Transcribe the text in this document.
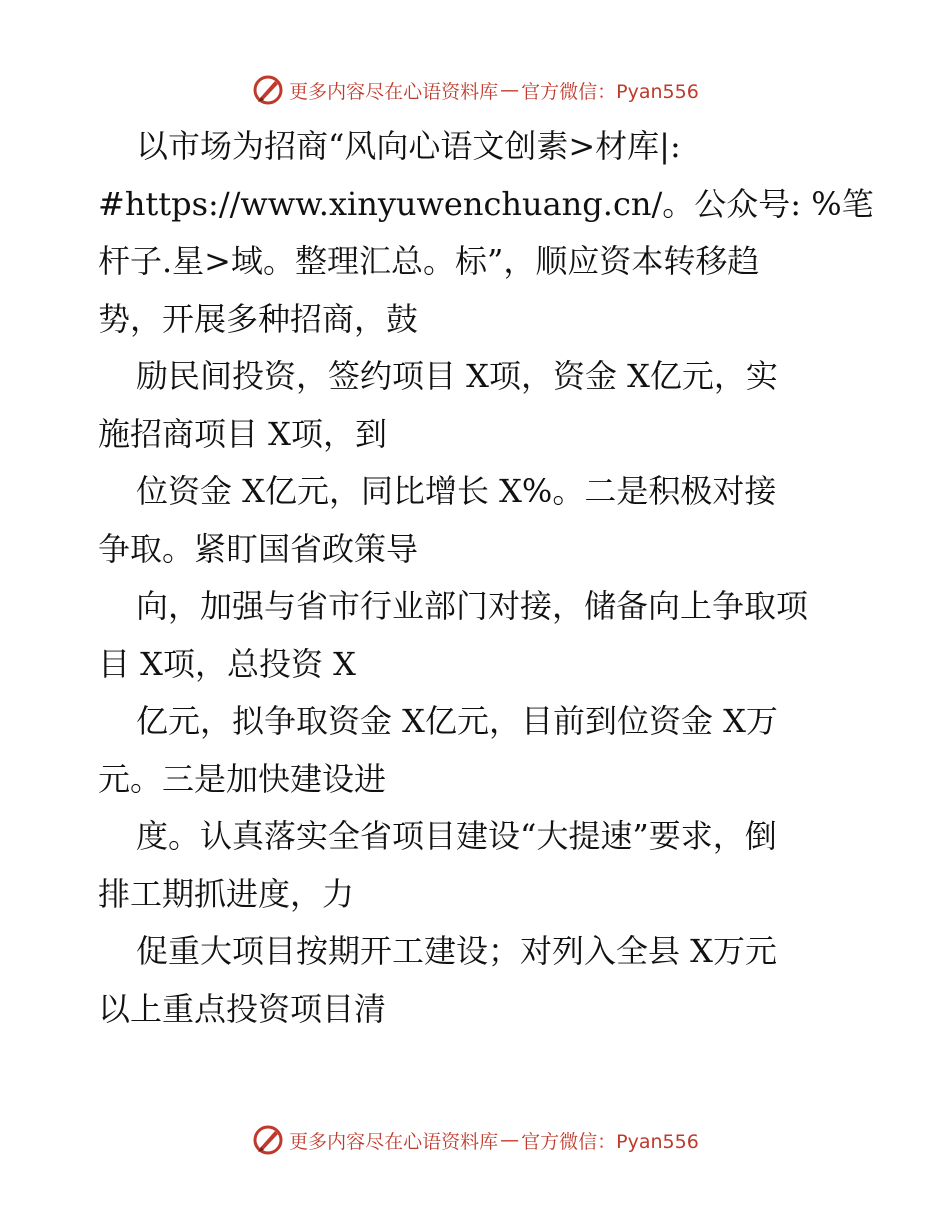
更多内容尽在心语资料库 — 官方微信：Pyan556
以市场为招商“风向心语文创素>材库|:
#https://www.xinyuwenchuang.cn/。公众号: %笔
杆子.星>域。整理汇总。标”，顺应资本转移趋
势，开展多种招商，鼓
励民间投资，签约项目 X项，资金 X亿元，实
施招商项目 X项，到
位资金 X亿元，同比增长 X%。二是积极对接
争取。紧盯国省政策导
向，加强与省市行业部门对接，储备向上争取项
目 X项，总投资 X
亿元，拟争取资金 X亿元，目前到位资金 X万
元。三是加快建设进
度。认真落实全省项目建设“大提速”要求，倒
排工期抓进度，力
促重大项目按期开工建设；对列入全县 X万元
以上重点投资项目清
更多内容尽在心语资料库 — 官方微信：Pyan556
